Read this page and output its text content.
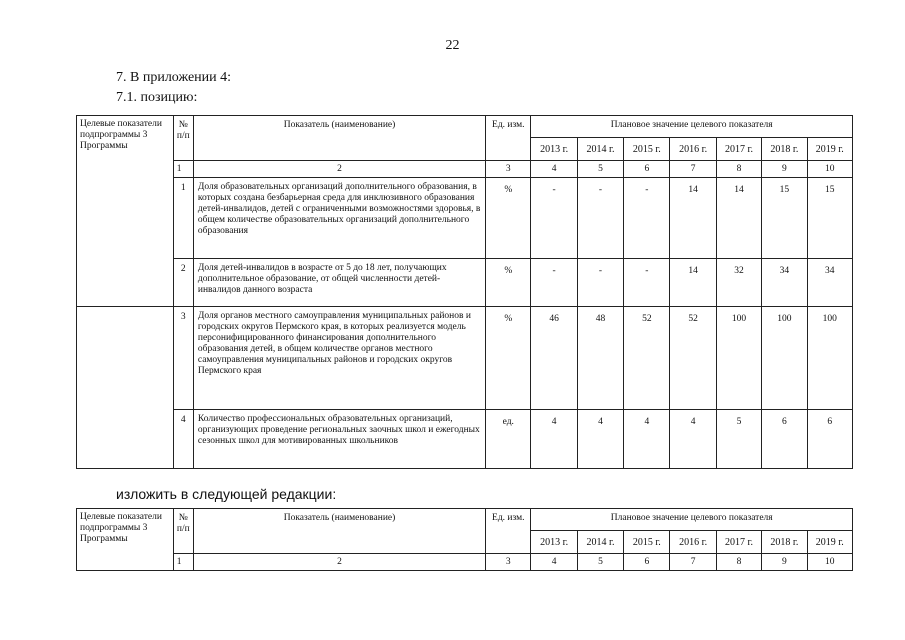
22
7. В приложении 4:
7.1. позицию:
Целевые показатели подпрограммы 3 Программы	№ п/п	Показатель (наименование)	Ед. изм.	Плановое значение целевого показателя						
				2013 г.	2014 г.	2015 г.	2016 г.	2017 г.	2018 г.	2019 г.
	1	2	3	4	5	6	7	8	9	10
	1	Доля образовательных организаций дополнительного образования, в которых создана безбарьерная среда для инклюзивного образования детей-инвалидов, детей с ограниченными возможностями здоровья, в общем количестве образовательных организаций дополнительного образования	%	-	-	-	14	14	15	15
	2	Доля детей-инвалидов в возрасте от 5 до 18 лет, получающих дополнительное образование, от общей численности детей-инвалидов данного возраста	%	-	-	-	14	32	34	34
	3	Доля органов местного самоуправления муниципальных районов и городских округов Пермского края, в которых реализуется модель персонифицированного финансирования дополнительного образования детей, в общем количестве органов местного самоуправления муниципальных районов и городских округов Пермского края	%	46	48	52	52	100	100	100
	4	Количество профессиональных образовательных организаций, организующих проведение региональных заочных школ и ежегодных сезонных школ для мотивированных школьников	ед.	4	4	4	4	5	6	6
изложить в следующей редакции:
Целевые показатели подпрограммы 3 Программы	№ п/п	Показатель (наименование)	Ед. изм.	Плановое значение целевого показателя						
				2013 г.	2014 г.	2015 г.	2016 г.	2017 г.	2018 г.	2019 г.
	1	2	3	4	5	6	7	8	9	10
